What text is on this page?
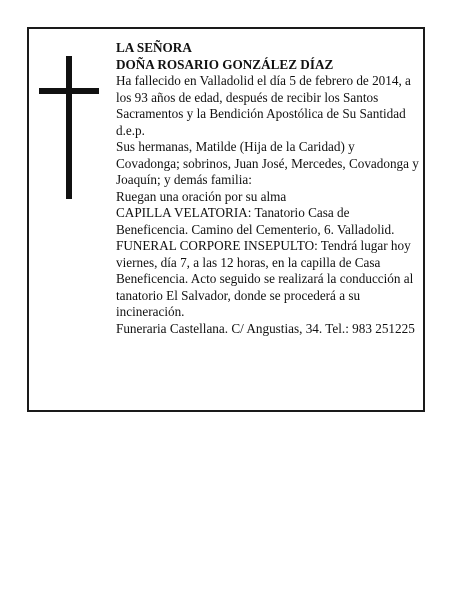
LA SEÑORA

DOÑA ROSARIO GONZÁLEZ DÍAZ

Ha fallecido en Valladolid el día 5 de febrero de 2014, a los 93 años de edad, después de recibir los Santos Sacramentos y la Bendición Apostólica de Su Santidad d.e.p.

Sus hermanas, Matilde (Hija de la Caridad) y Covadonga; sobrinos, Juan José, Mercedes, Covadonga y Joaquín; y demás familia:

Ruegan una oración por su alma

CAPILLA VELATORIA: Tanatorio Casa de Beneficencia. Camino del Cementerio, 6. Valladolid.

FUNERAL CORPORE INSEPULTO: Tendrá lugar hoy viernes, día 7, a las 12 horas, en la capilla de Casa Beneficencia. Acto seguido se realizará la conducción al tanatorio El Salvador, donde se procederá a su incineración.

Funeraria Castellana. C/ Angustias, 34. Tel.: 983 251225
